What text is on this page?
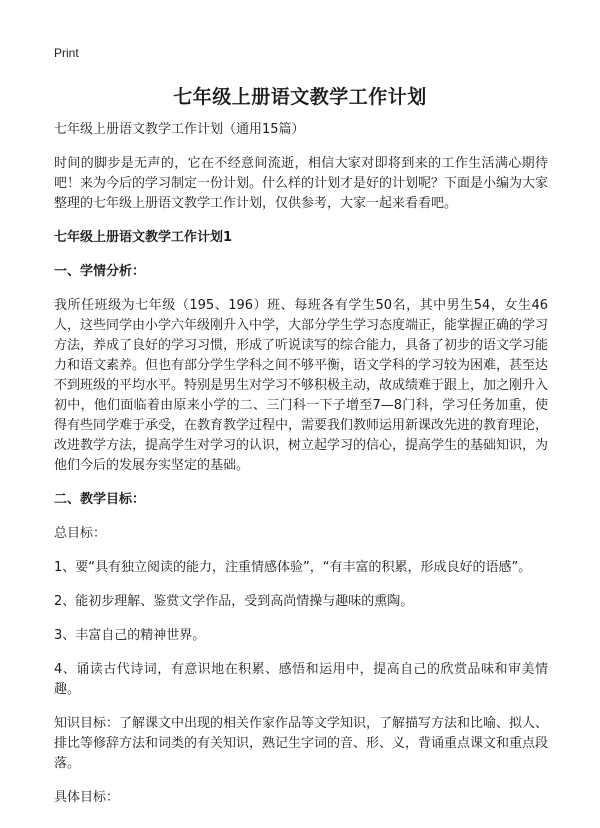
Print
七年级上册语文教学工作计划
七年级上册语文教学工作计划（通用15篇）
时间的脚步是无声的，它在不经意间流逝，相信大家对即将到来的工作生活满心期待吧！来为今后的学习制定一份计划。什么样的计划才是好的计划呢？下面是小编为大家整理的七年级上册语文教学工作计划，仅供参考，大家一起来看看吧。
七年级上册语文教学工作计划1
一、学情分析：
我所任班级为七年级（195、196）班、每班各有学生50名，其中男生54，女生46人，这些同学由小学六年级刚升入中学，大部分学生学习态度端正，能掌握正确的学习方法，养成了良好的学习习惯，形成了听说读写的综合能力，具备了初步的语文学习能力和语文素养。但也有部分学生学科之间不够平衡，语文学科的学习较为困难，甚至达不到班级的平均水平。特别是男生对学习不够积极主动，故成绩难于跟上，加之刚升入初中，他们面临着由原来小学的二、三门科一下子增至7—8门科，学习任务加重，使得有些同学难于承受，在教育教学过程中，需要我们教师运用新课改先进的教育理论，改进教学方法，提高学生对学习的认识，树立起学习的信心，提高学生的基础知识，为他们今后的发展夯实坚定的基础。
二、教学目标：
总目标：
1、要“具有独立阅读的能力，注重情感体验”，“有丰富的积累，形成良好的语感”。
2、能初步理解、鉴赏文学作品，受到高尚情操与趣味的熏陶。
3、丰富自己的精神世界。
4、诵读古代诗词，有意识地在积累、感悟和运用中，提高自己的欣赏品味和审美情趣。
知识目标：了解课文中出现的相关作家作品等文学知识，了解描写方法和比喻、拟人、排比等修辞方法和词类的有关知识，熟记生字词的音、形、义，背诵重点课文和重点段落。
具体目标：
